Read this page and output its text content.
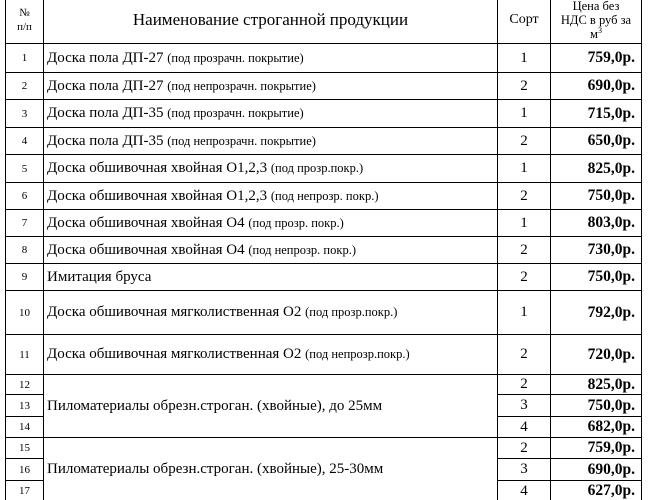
№
п/п	Наименование строганной продукции	Сорт	Цена без
НДС в руб за
$м^3$
1	Доска пола ДП-27 (под прозрачн. покрытие)	1	759,0р.
2	Доска пола ДП-27 (под непрозрачн. покрытие)	2	690,0р.
3	Доска пола ДП-35 (под прозрачн. покрытие)	1	715,0р.
4	Доска пола ДП-35 (под непрозрачн. покрытие)	2	650,0р.
5	Доска обшивочная хвойная О1,2,3 (под прозр.покр.)	1	825,0р.
6	Доска обшивочная хвойная О1,2,3 (под непрозр. покр.)	2	750,0р.
7	Доска обшивочная хвойная О4 (под прозр. покр.)	1	803,0р.
8	Доска обшивочная хвойная О4 (под непрозр. покр.)	2	730,0р.
9	Имитация бруса	2	750,0р.
10	Доска обшивочная мягколиственная О2 (под прозр.покр.)	1	792,0р.
11	Доска обшивочная мягколиственная О2 (под непрозр.покр.)	2	720,0р.
12	Пиломатериалы обрезн.строган. (хвойные), до 25мм	2	825,0р.
13		3	750,0р.
14		4	682,0р.
15	Пиломатериалы обрезн.строган. (хвойные), 25-30мм	2	759,0р.
16		3	690,0р.
17		4	627,0р.
